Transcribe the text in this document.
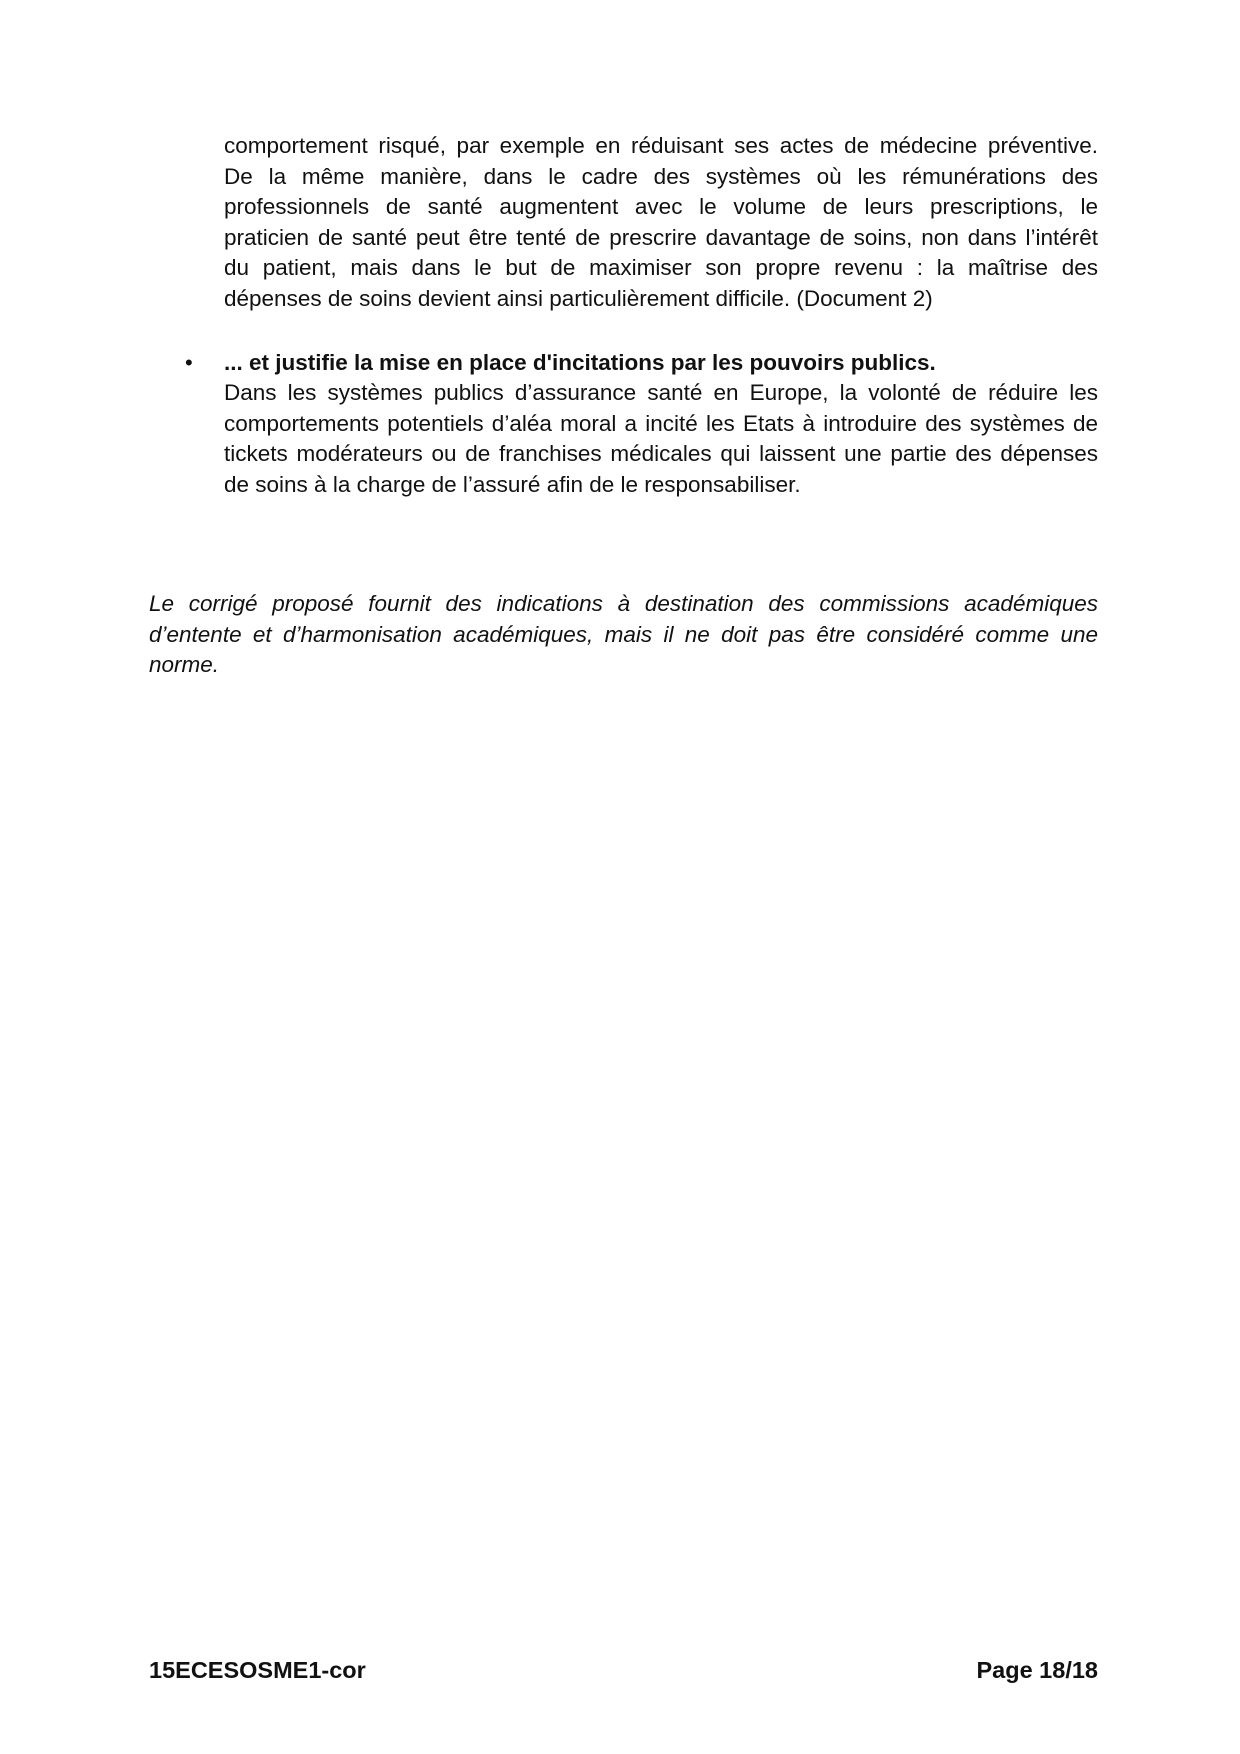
comportement risqué, par exemple en réduisant ses actes de médecine préventive.
De la même manière, dans le cadre des systèmes où les rémunérations des
professionnels de santé augmentent avec le volume de leurs prescriptions, le
praticien de santé peut être tenté de prescrire davantage de soins, non dans l’intérêt
du patient, mais dans le but de maximiser son propre revenu : la maîtrise des
dépenses de soins devient ainsi particulièrement difficile. (Document 2)
• ... et justifie la mise en place d'incitations par les pouvoirs publics.
Dans les systèmes publics d’assurance santé en Europe, la volonté de réduire les
comportements potentiels d’aléa moral a incité les Etats à introduire des systèmes de
tickets modérateurs ou de franchises médicales qui laissent une partie des dépenses
de soins à la charge de l’assuré afin de le responsabiliser.
Le corrigé proposé fournit des indications à destination des commissions académiques
d’entente et d’harmonisation académiques, mais il ne doit pas être considéré comme une
norme.
15ECESOSME1-cor	Page 18/18
